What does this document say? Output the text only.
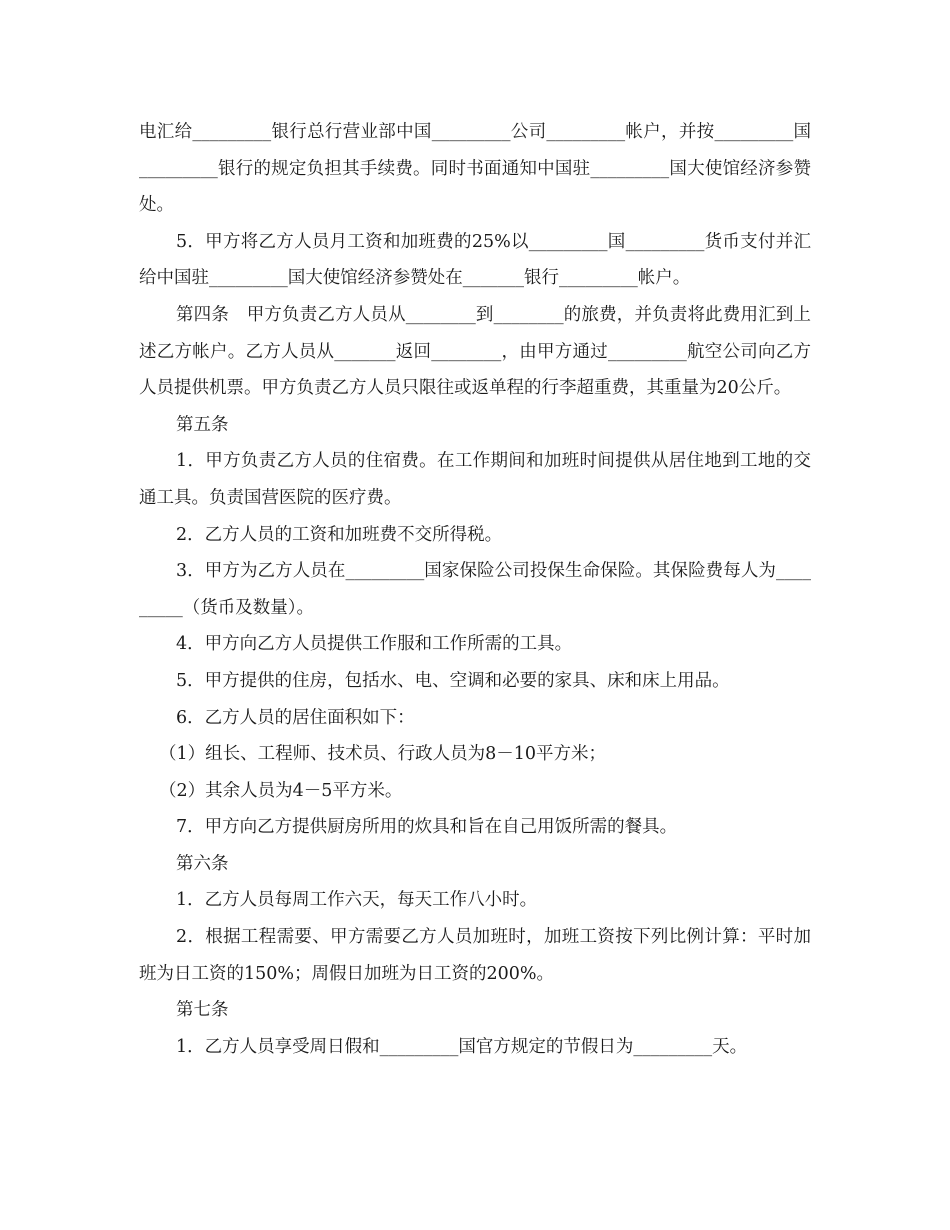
电汇给_________银行总行营业部中国_________公司_________帐户，并按_________国_________银行的规定负担其手续费。同时书面通知中国驻_________国大使馆经济参赞处。

5．甲方将乙方人员月工资和加班费的25%以_________国_________货币支付并汇给中国驻_________国大使馆经济参赞处在_______银行_________帐户。

第四条　甲方负责乙方人员从________到________的旅费，并负责将此费用汇到上述乙方帐户。乙方人员从_______返回________，由甲方通过_________航空公司向乙方人员提供机票。甲方负责乙方人员只限往或返单程的行李超重费，其重量为20公斤。

第五条

1．甲方负责乙方人员的住宿费。在工作期间和加班时间提供从居住地到工地的交通工具。负责国营医院的医疗费。

2．乙方人员的工资和加班费不交所得税。

3．甲方为乙方人员在_________国家保险公司投保生命保险。其保险费每人为_________（货币及数量）。

4．甲方向乙方人员提供工作服和工作所需的工具。

5．甲方提供的住房，包括水、电、空调和必要的家具、床和床上用品。

6．乙方人员的居住面积如下：

（1）组长、工程师、技术员、行政人员为8－10平方米；

（2）其余人员为4－5平方米。

7．甲方向乙方提供厨房所用的炊具和旨在自己用饭所需的餐具。

第六条

1．乙方人员每周工作六天，每天工作八小时。

2．根据工程需要、甲方需要乙方人员加班时，加班工资按下列比例计算：平时加班为日工资的150%；周假日加班为日工资的200%。

第七条

1．乙方人员享受周日假和_________国官方规定的节假日为_________天。
